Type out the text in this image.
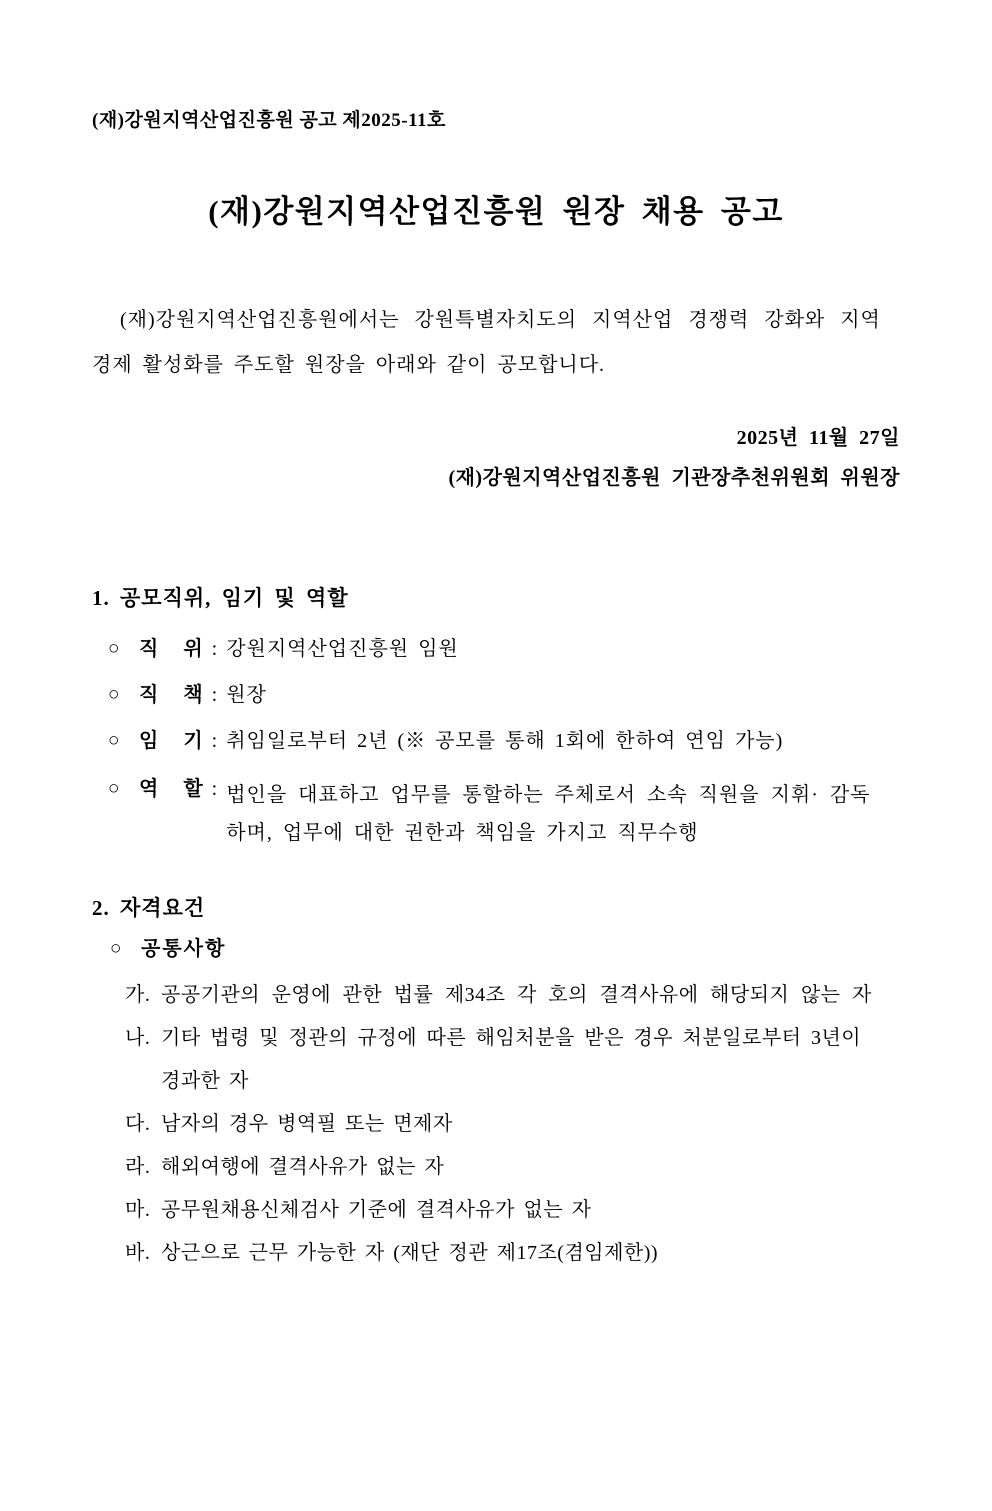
(재)강원지역산업진흥원 공고 제2025-11호
(재)강원지역산업진흥원 원장 채용 공고
(재)강원지역산업진흥원에서는 강원특별자치도의 지역산업 경쟁력 강화와 지역
경제 활성화를 주도할 원장을 아래와 같이 공모합니다.
2025년 11월 27일
(재)강원지역산업진흥원 기관장추천위원회 위원장
1. 공모직위, 임기 및 역할
○ 직    위 : 강원지역산업진흥원 임원
○ 직    책 : 원장
○ 임    기 : 취임일로부터 2년 (※ 공모를 통해 1회에 한하여 연임 가능)
○ 역    할 : 법인을 대표하고 업무를 통할하는 주체로서 소속 직원을 지휘· 감독
하며, 업무에 대한 권한과 책임을 가지고 직무수행
2. 자격요건
○ 공통사항
가. 공공기관의 운영에 관한 법률 제34조 각 호의 결격사유에 해당되지 않는 자
나. 기타 법령 및 정관의 규정에 따른 해임처분을 받은 경우 처분일로부터 3년이
경과한 자
다. 남자의 경우 병역필 또는 면제자
라. 해외여행에 결격사유가 없는 자
마. 공무원채용신체검사 기준에 결격사유가 없는 자
바. 상근으로 근무 가능한 자 (재단 정관 제17조(겸임제한))
